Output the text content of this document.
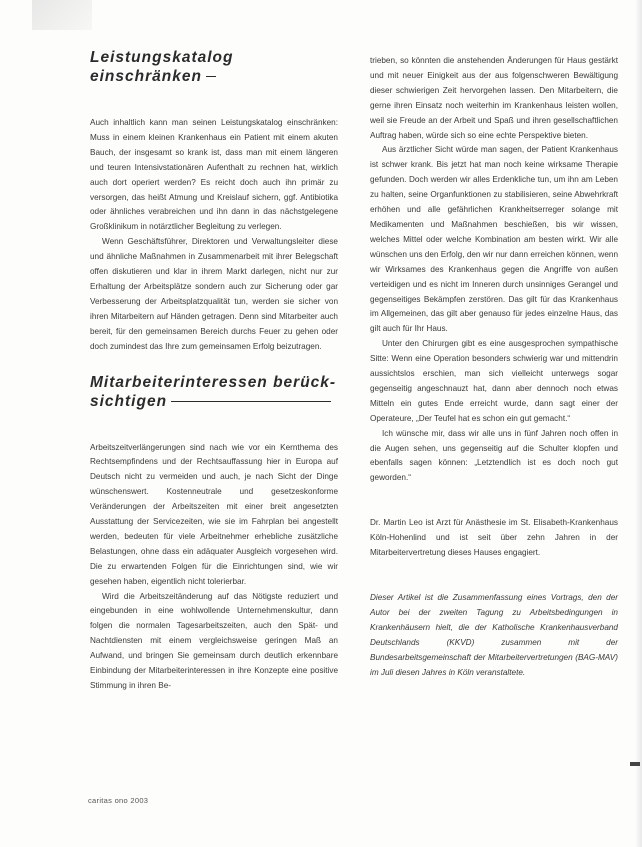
Leistungskatalog einschränken

Auch inhaltlich kann man seinen Leistungskatalog einschränken: Muss in einem kleinen Krankenhaus ein Patient mit einem akuten Bauch, der insgesamt so krank ist, dass man mit einem längeren und teuren Intensivstationären Aufenthalt zu rechnen hat, wirklich auch dort operiert werden? Es reicht doch auch ihn primär zu versorgen, das heißt Atmung und Kreislauf sichern, ggf. Antibiotika oder ähnliches verabreichen und ihn dann in das nächstgelegene Großklinikum in notärztlicher Begleitung zu verlegen.

Wenn Geschäftsführer, Direktoren und Verwaltungsleiter diese und ähnliche Maßnahmen in Zusammenarbeit mit ihrer Belegschaft offen diskutieren und klar in ihrem Markt darlegen, nicht nur zur Erhaltung der Arbeitsplätze sondern auch zur Sicherung oder gar Verbesserung der Arbeitsplatzqualität tun, werden sie sicher von ihren Mitarbeitern auf Händen getragen. Denn sind Mitarbeiter auch bereit, für den gemeinsamen Bereich durchs Feuer zu gehen oder doch zumindest das Ihre zum gemeinsamen Erfolg beizutragen.

Mitarbeiterinteressen berück-
sichtigen

Arbeitszeitverlängerungen sind nach wie vor ein Kernthema des Rechtsempfindens und der Rechtsauffassung hier in Europa auf Deutsch nicht zu vermeiden und auch, je nach Sicht der Dinge wünschenswert. Kostenneutrale und gesetzeskonforme Veränderungen der Arbeitszeiten mit einer breit angesetzten Ausstattung der Servicezeiten, wie sie im Fahrplan bei angestellt werden, bedeuten für viele Arbeitnehmer erhebliche zusätzliche Belastungen, ohne dass ein adäquater Ausgleich vorgesehen wird. Die zu erwartenden Folgen für die Einrichtungen sind, wie wir gesehen haben, eigentlich nicht tolerierbar.

Wird die Arbeitszeitänderung auf das Nötigste reduziert und eingebunden in eine wohlwollende Unternehmenskultur, dann folgen die normalen Tagesarbeitszeiten, auch den Spät- und Nachtdiensten mit einem vergleichsweise geringen Maß an Aufwand, und bringen Sie gemeinsam durch deutlich erkennbare Einbindung der Mitarbeiterinteressen in ihre Konzepte eine positive Stimmung in ihren Be-

trieben, so könnten die anstehenden Änderungen für Haus gestärkt und mit neuer Einigkeit aus der aus folgenschweren Bewältigung dieser schwierigen Zeit hervorgehen lassen. Den Mitarbeitern, die gerne ihren Einsatz noch weiterhin im Krankenhaus leisten wollen, weil sie Freude an der Arbeit und Spaß und ihren gesellschaftlichen Auftrag haben, würde sich so eine echte Perspektive bieten.

Aus ärztlicher Sicht würde man sagen, der Patient Krankenhaus ist schwer krank. Bis jetzt hat man noch keine wirksame Therapie gefunden. Doch werden wir alles Erdenkliche tun, um ihn am Leben zu halten, seine Organfunktionen zu stabilisieren, seine Abwehrkraft erhöhen und alle gefährlichen Krankheitserreger solange mit Medikamenten und Maßnahmen beschießen, bis wir wissen, welches Mittel oder welche Kombination am besten wirkt. Wir alle wünschen uns den Erfolg, den wir nur dann erreichen können, wenn wir Wirksames des Krankenhaus gegen die Angriffe von außen verteidigen und es nicht im Inneren durch unsinniges Gerangel und gegenseitiges Bekämpfen zerstören. Das gilt für das Krankenhaus im Allgemeinen, das gilt aber genauso für jedes einzelne Haus, das gilt auch für Ihr Haus.

Unter den Chirurgen gibt es eine ausgesprochen sympathische Sitte: Wenn eine Operation besonders schwierig war und mittendrin aussichtslos erschien, man sich vielleicht unterwegs sogar gegenseitig angeschnauzt hat, dann aber dennoch noch etwas Mitteln ein gutes Ende erreicht wurde, dann sagt einer der Operateure, „Der Teufel hat es schon ein gut gemacht.“

Ich wünsche mir, dass wir alle uns in fünf Jahren noch offen in die Augen sehen, uns gegenseitig auf die Schulter klopfen und ebenfalls sagen können: „Letztendlich ist es doch noch gut geworden.“

Dr. Martin Leo ist Arzt für Anästhesie im St. Elisabeth-Krankenhaus Köln-Hohenlind und ist seit über zehn Jahren in der Mitarbeitervertretung dieses Hauses engagiert.

Dieser Artikel ist die Zusammenfassung eines Vortrags, den der Autor bei der zweiten Tagung zu Arbeitsbedingungen in Krankenhäusern hielt, die der Katholische Krankenhausverband Deutschlands (KKVD) zusammen mit der Bundesarbeitsgemeinschaft der Mitarbeitervertretungen (BAG-MAV) im Juli diesen Jahres in Köln veranstaltete.

caritas ono 2003
